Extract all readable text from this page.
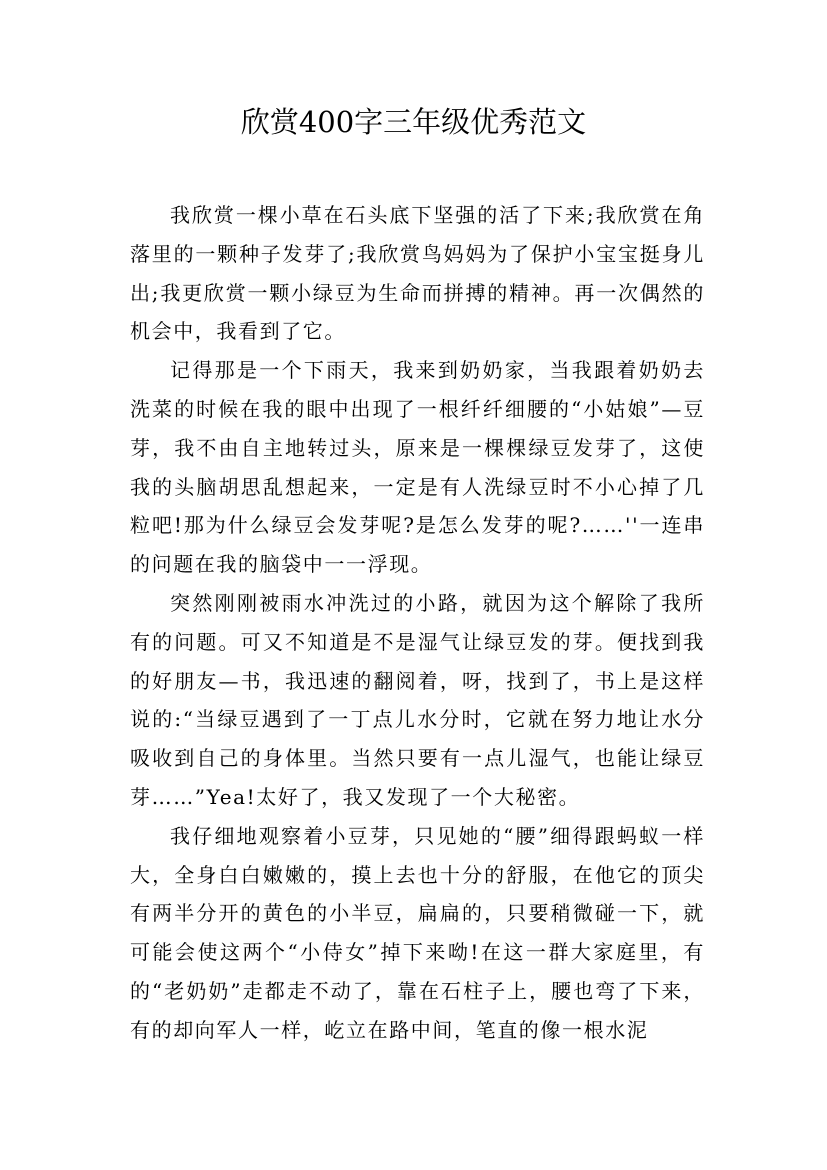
欣赏400字三年级优秀范文

我欣赏一棵小草在石头底下坚强的活了下来;我欣赏在角落里的一颗种子发芽了;我欣赏鸟妈妈为了保护小宝宝挺身儿出;我更欣赏一颗小绿豆为生命而拼搏的精神。再一次偶然的机会中，我看到了它。

记得那是一个下雨天，我来到奶奶家，当我跟着奶奶去洗菜的时候在我的眼中出现了一根纤纤细腰的“小姑娘”—豆芽，我不由自主地转过头，原来是一棵棵绿豆发芽了，这使我的头脑胡思乱想起来，一定是有人洗绿豆时不小心掉了几粒吧!那为什么绿豆会发芽呢?是怎么发芽的呢?……''一连串的问题在我的脑袋中一一浮现。

突然刚刚被雨水冲洗过的小路，就因为这个解除了我所有的问题。可又不知道是不是湿气让绿豆发的芽。便找到我的好朋友—书，我迅速的翻阅着，呀，找到了，书上是这样说的:“当绿豆遇到了一丁点儿水分时，它就在努力地让水分吸收到自己的身体里。当然只要有一点儿湿气，也能让绿豆芽……”Yea!太好了，我又发现了一个大秘密。

我仔细地观察着小豆芽，只见她的“腰”细得跟蚂蚁一样大，全身白白嫩嫩的，摸上去也十分的舒服，在他它的顶尖有两半分开的黄色的小半豆，扁扁的，只要稍微碰一下，就可能会使这两个“小侍女”掉下来呦!在这一群大家庭里，有的“老奶奶”走都走不动了，靠在石柱子上，腰也弯了下来，有的却向军人一样，屹立在路中间，笔直的像一根水泥
